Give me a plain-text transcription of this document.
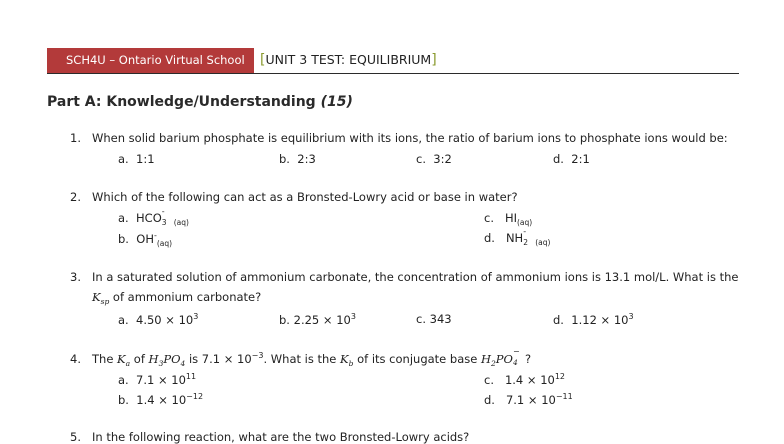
SCH4U – Ontario Virtual School	[UNIT 3 TEST: EQUILIBRIUM]
Part A: Knowledge/Understanding (15)
1. When solid barium phosphate is equilibrium with its ions, the ratio of barium ions to phosphate ions would be:
a. 1:1	b. 2:3	c. 3:2	d. 2:1
2. Which of the following can act as a Bronsted-Lowry acid or base in water?
a. HCO -
3 $_{(aq)}$
b. $OH^-_{(aq)}$
c. $HI_{(aq)}$
d. NH -
2 $_{(aq)}$
3. In a saturated solution of ammonium carbonate, the concentration of ammonium ions is 13.1 mol/L. What is the
$K_{sp}$ of ammonium carbonate?
a. $4.50 \times 10^3$	b. $2.25 \times 10^3$	c. 343	d. $1.12 \times 10^3$
4. The $K_a$ of $H_3PO_4$ is $7.1 \times 10^{-3}$. What is the $K_b$ of its conjugate base $H_2PO$
−
4 ?
a. $7.1 \times 10^{11}$
b. $1.4 \times 10^{-12}$
c. $1.4 \times 10^{12}$
d. $7.1 \times 10^{-11}$
5. In the following reaction, what are the two Bronsted-Lowry acids?
